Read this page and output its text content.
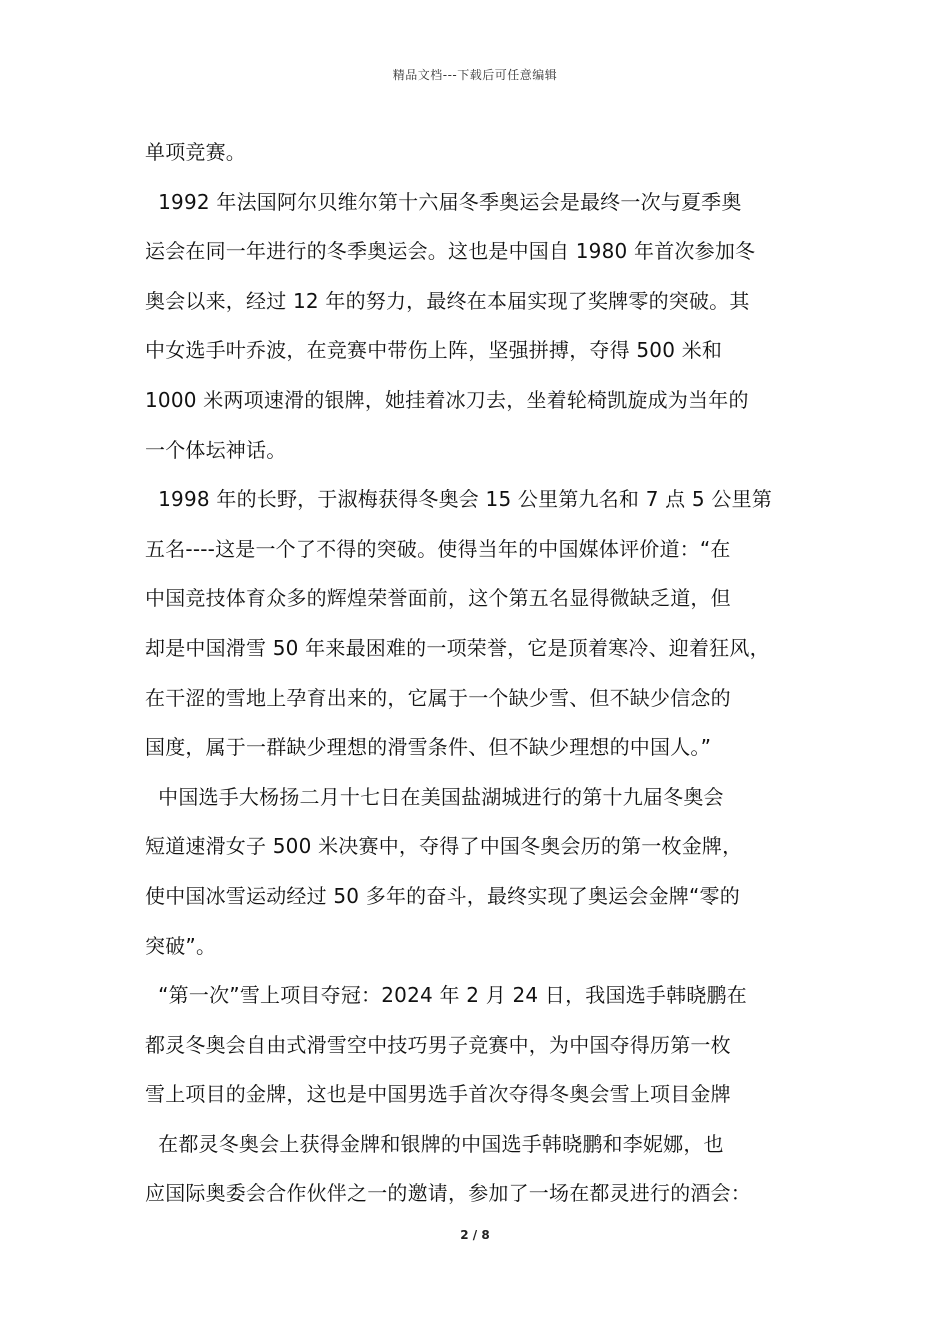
精品文档---下载后可任意编辑
单项竞赛。
1992 年法国阿尔贝维尔第十六届冬季奥运会是最终一次与夏季奥
运会在同一年进行的冬季奥运会。这也是中国自 1980 年首次参加冬
奥会以来，经过 12 年的努力，最终在本届实现了奖牌零的突破。其
中女选手叶乔波，在竞赛中带伤上阵，坚强拼搏，夺得 500 米和
1000 米两项速滑的银牌，她挂着冰刀去，坐着轮椅凯旋成为当年的
一个体坛神话。
1998 年的长野，于淑梅获得冬奥会 15 公里第九名和 7 点 5 公里第
五名----这是一个了不得的突破。使得当年的中国媒体评价道：“在
中国竞技体育众多的辉煌荣誉面前，这个第五名显得微缺乏道，但
却是中国滑雪 50 年来最困难的一项荣誉，它是顶着寒冷、迎着狂风，
在干涩的雪地上孕育出来的，它属于一个缺少雪、但不缺少信念的
国度，属于一群缺少理想的滑雪条件、但不缺少理想的中国人。”
中国选手大杨扬二月十七日在美国盐湖城进行的第十九届冬奥会
短道速滑女子 500 米决赛中，夺得了中国冬奥会历的第一枚金牌，
使中国冰雪运动经过 50 多年的奋斗，最终实现了奥运会金牌“零的
突破”。
“第一次”雪上项目夺冠：2024 年 2 月 24 日，我国选手韩晓鹏在
都灵冬奥会自由式滑雪空中技巧男子竞赛中，为中国夺得历第一枚
雪上项目的金牌，这也是中国男选手首次夺得冬奥会雪上项目金牌
在都灵冬奥会上获得金牌和银牌的中国选手韩晓鹏和李妮娜，也
应国际奥委会合作伙伴之一的邀请，参加了一场在都灵进行的酒会：
2 / 8
